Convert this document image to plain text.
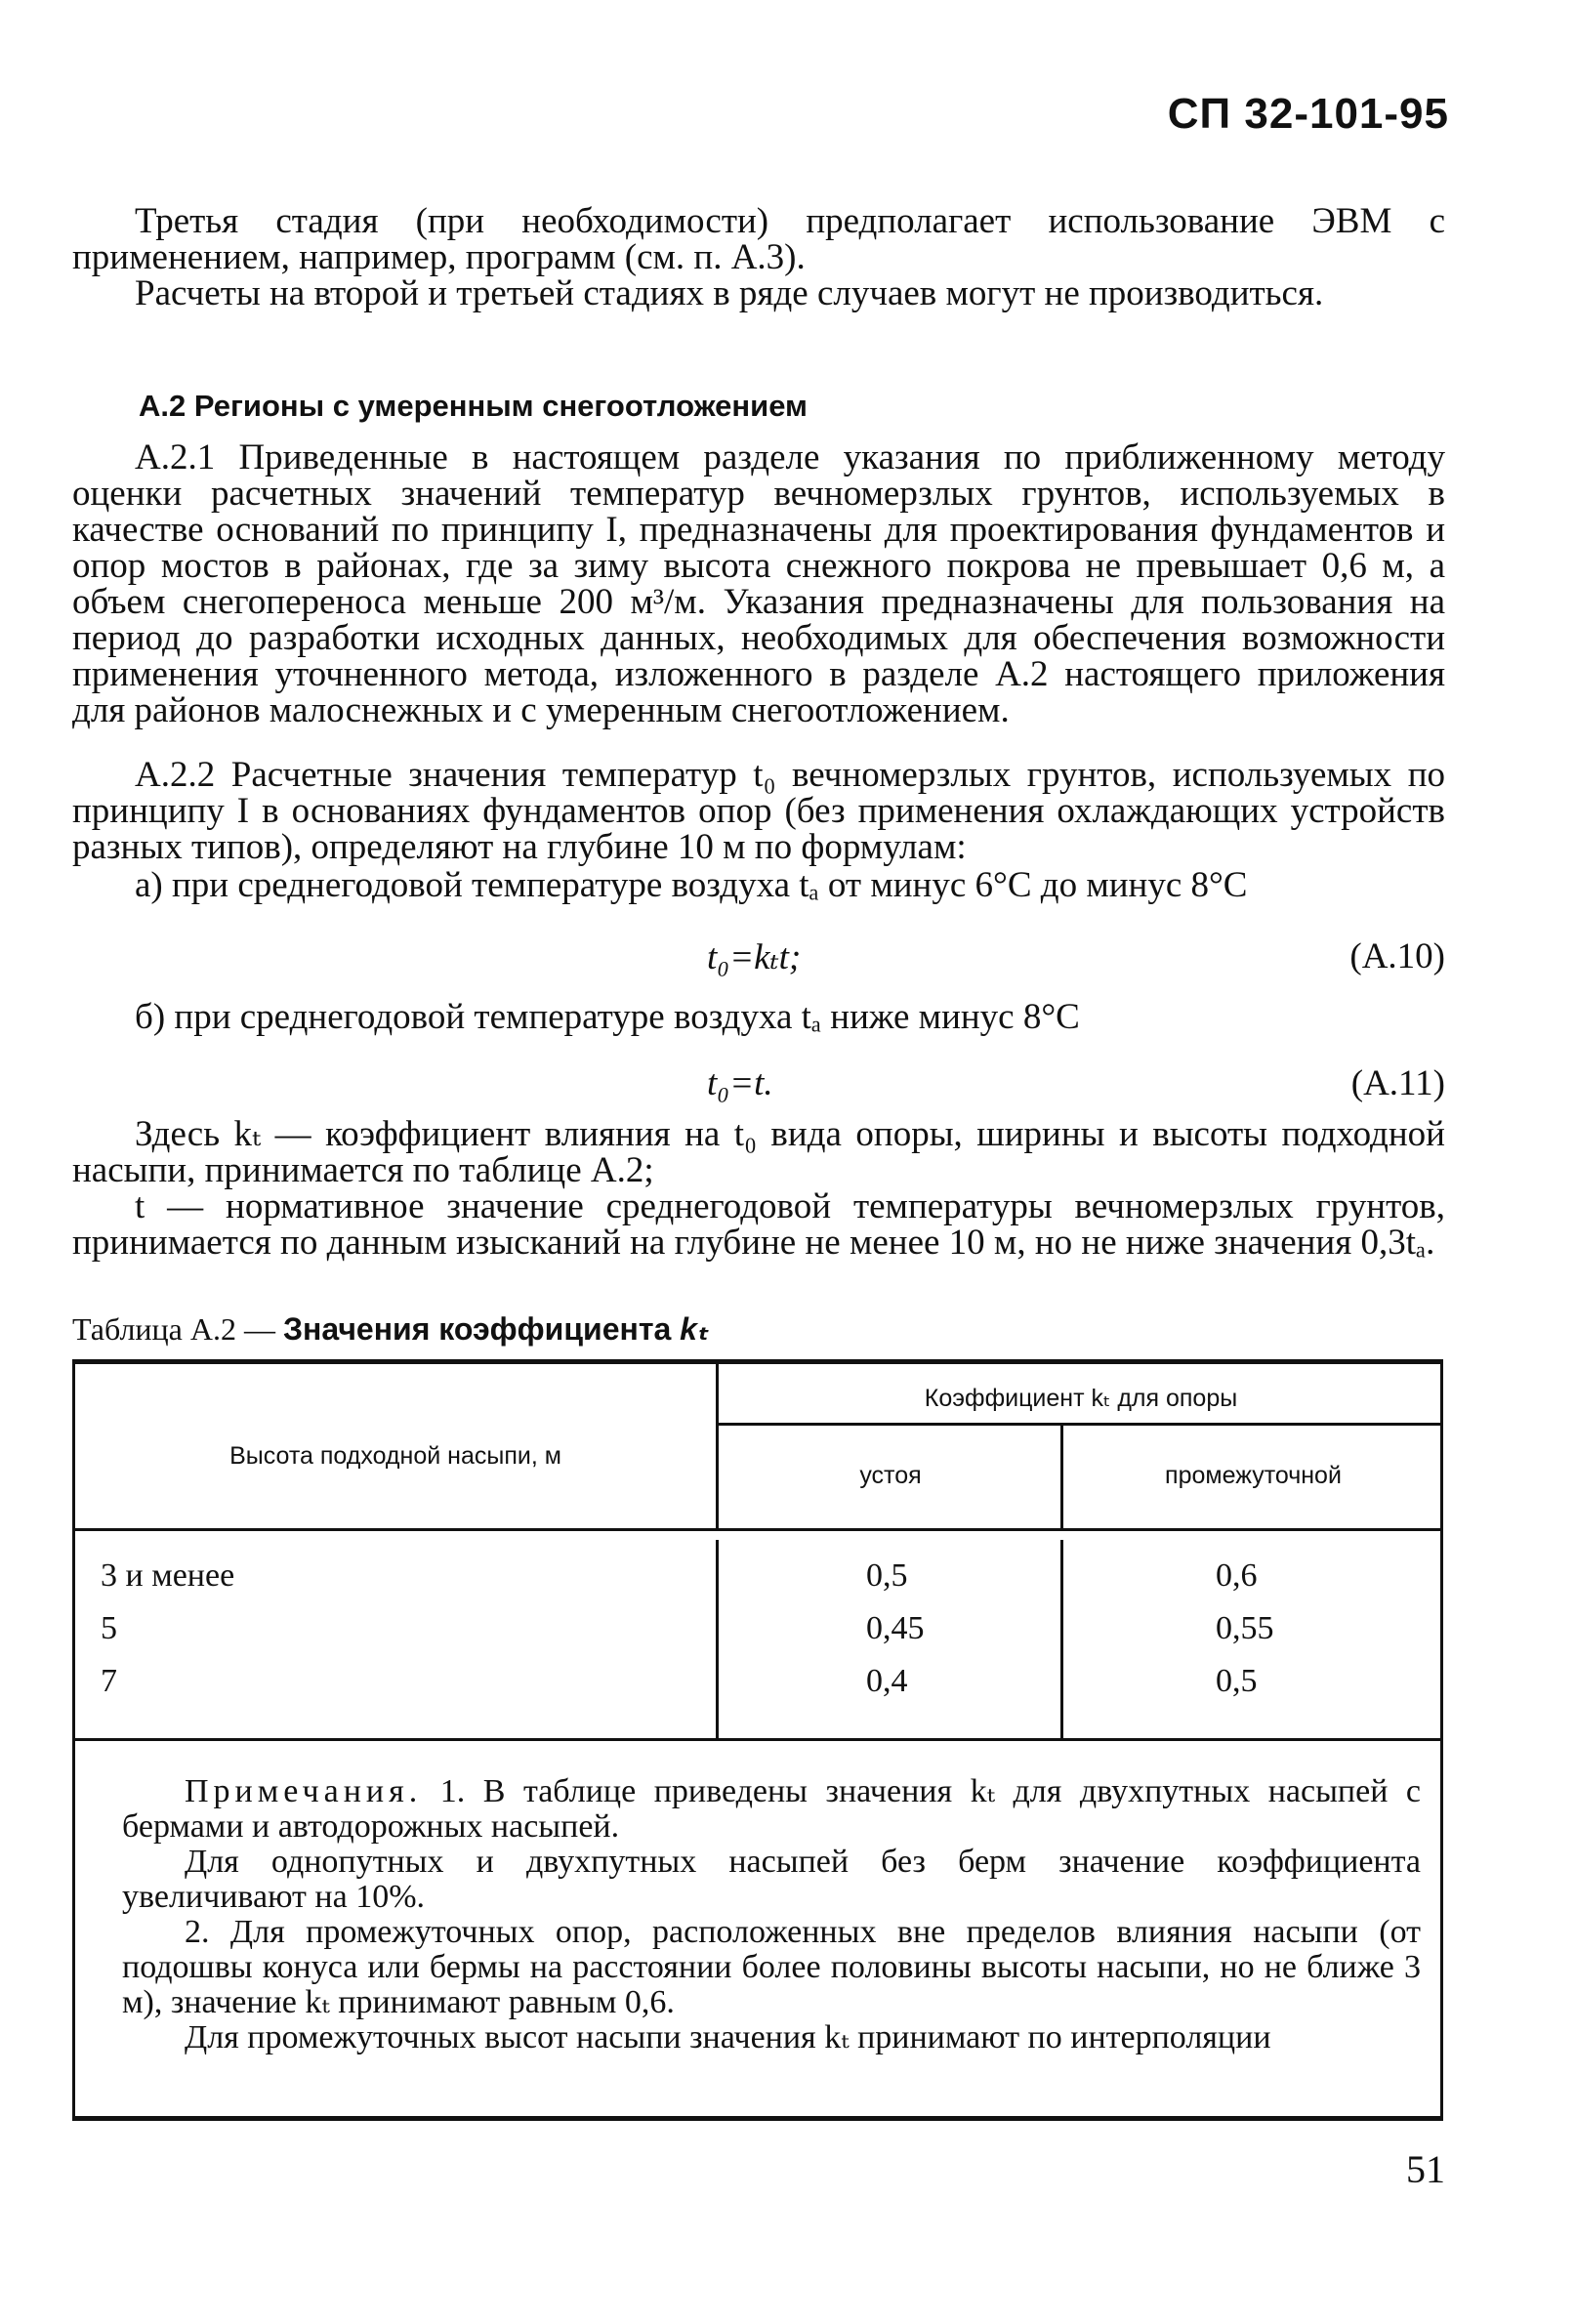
СП 32-101-95

Третья стадия (при необходимости) предполагает использование ЭВМ с применением, например, программ (см. п. А.3).

Расчеты на второй и третьей стадиях в ряде случаев могут не производиться.

А.2 Регионы с умеренным снегоотложением

А.2.1 Приведенные в настоящем разделе указания по приближенному методу оценки расчетных значений температур вечномерзлых грунтов, используемых в качестве оснований по принципу I, предназначены для проектирования фундаментов и опор мостов в районах, где за зиму высота снежного покрова не превышает 0,6 м, а объем снегопереноса меньше 200 м³/м. Указания предназначены для пользования на период до разработки исходных данных, необходимых для обеспечения возможности применения уточненного метода, изложенного в разделе А.2 настоящего приложения для районов малоснежных и с умеренным снегоотложением.

А.2.2 Расчетные значения температур t₀ вечномерзлых грунтов, используемых по принципу I в основаниях фундаментов опор (без применения охлаждающих устройств разных типов), определяют на глубине 10 м по формулам:

а) при среднегодовой температуре воздуха tₐ от минус 6°С до минус 8°С
t₀=kₜt;	(А.10)
б) при среднегодовой температуре воздуха tₐ ниже минус 8°С
t₀=t.	(А.11)

Здесь kₜ — коэффициент влияния на t₀ вида опоры, ширины и высоты подходной насыпи, принимается по таблице А.2;

t — нормативное значение среднегодовой температуры вечномерзлых грунтов, принимается по данным изысканий на глубине не менее 10 м, но не ниже значения 0,3tₐ.

Таблица А.2 — Значения коэффициента kₜ
Высота подходной насыпи, м
Коэффициент kₜ для опоры
устоя	промежуточной
3 и менее	0,5	0,6
5	0,45	0,55
7	0,4	0,5

Примечания. 1. В таблице приведены значения kₜ для двухпутных насыпей с бермами и автодорожных насыпей.

Для однопутных и двухпутных насыпей без берм значение коэффициента увеличивают на 10%.

2. Для промежуточных опор, расположенных вне пределов влияния насыпи (от подошвы конуса или бермы на расстоянии более половины высоты насыпи, но не ближе 3 м), значение kₜ принимают равным 0,6.

Для промежуточных высот насыпи значения kₜ принимают по интерполяции

51
